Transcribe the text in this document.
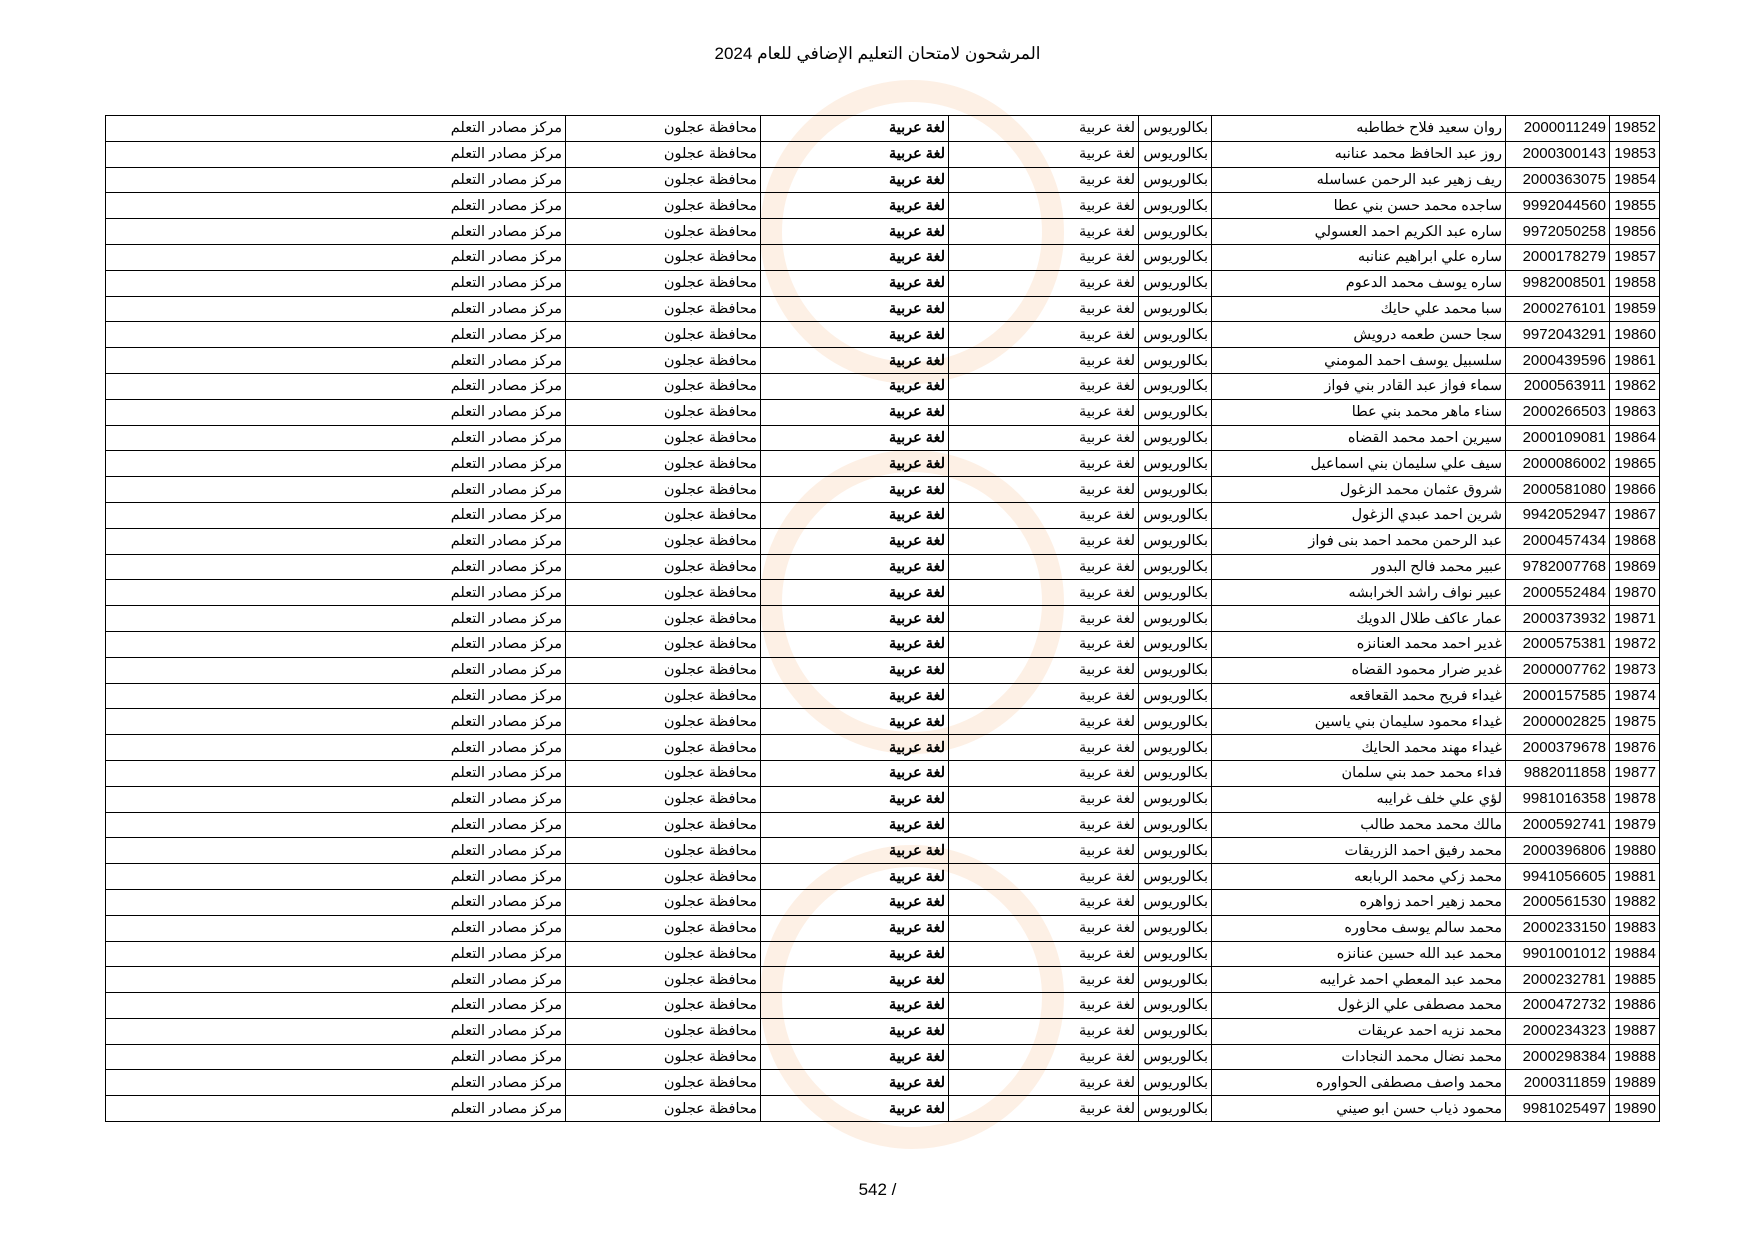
المرشحون لامتحان التعليم الإضافي للعام 2024
19852	2000011249	روان سعيد فلاح خطاطبه	بكالوريوس	لغة عربية	لغة عربية	محافظة عجلون	مركز مصادر التعلم
19853	2000300143	روز عبد الحافظ محمد عنانبه	بكالوريوس	لغة عربية	لغة عربية	محافظة عجلون	مركز مصادر التعلم
19854	2000363075	ريف زهير عبد الرحمن عساسله	بكالوريوس	لغة عربية	لغة عربية	محافظة عجلون	مركز مصادر التعلم
19855	9992044560	ساجده محمد حسن بني عطا	بكالوريوس	لغة عربية	لغة عربية	محافظة عجلون	مركز مصادر التعلم
19856	9972050258	ساره عبد الكريم احمد العسولي	بكالوريوس	لغة عربية	لغة عربية	محافظة عجلون	مركز مصادر التعلم
19857	2000178279	ساره علي ابراهيم عنانبه	بكالوريوس	لغة عربية	لغة عربية	محافظة عجلون	مركز مصادر التعلم
19858	9982008501	ساره يوسف محمد الدعوم	بكالوريوس	لغة عربية	لغة عربية	محافظة عجلون	مركز مصادر التعلم
19859	2000276101	سبا محمد علي حايك	بكالوريوس	لغة عربية	لغة عربية	محافظة عجلون	مركز مصادر التعلم
19860	9972043291	سجا حسن طعمه درويش	بكالوريوس	لغة عربية	لغة عربية	محافظة عجلون	مركز مصادر التعلم
19861	2000439596	سلسبيل يوسف احمد المومني	بكالوريوس	لغة عربية	لغة عربية	محافظة عجلون	مركز مصادر التعلم
19862	2000563911	سماء فواز عبد القادر بني فواز	بكالوريوس	لغة عربية	لغة عربية	محافظة عجلون	مركز مصادر التعلم
19863	2000266503	سناء ماهر محمد بني عطا	بكالوريوس	لغة عربية	لغة عربية	محافظة عجلون	مركز مصادر التعلم
19864	2000109081	سيرين احمد محمد القضاه	بكالوريوس	لغة عربية	لغة عربية	محافظة عجلون	مركز مصادر التعلم
19865	2000086002	سيف علي سليمان بني اسماعيل	بكالوريوس	لغة عربية	لغة عربية	محافظة عجلون	مركز مصادر التعلم
19866	2000581080	شروق عثمان محمد الزغول	بكالوريوس	لغة عربية	لغة عربية	محافظة عجلون	مركز مصادر التعلم
19867	9942052947	شرين احمد عبدي الزغول	بكالوريوس	لغة عربية	لغة عربية	محافظة عجلون	مركز مصادر التعلم
19868	2000457434	عبد الرحمن محمد احمد بنى فواز	بكالوريوس	لغة عربية	لغة عربية	محافظة عجلون	مركز مصادر التعلم
19869	9782007768	عبير محمد فالح البدور	بكالوريوس	لغة عربية	لغة عربية	محافظة عجلون	مركز مصادر التعلم
19870	2000552484	عبير نواف راشد الخرابشه	بكالوريوس	لغة عربية	لغة عربية	محافظة عجلون	مركز مصادر التعلم
19871	2000373932	عمار عاكف طلال الدويك	بكالوريوس	لغة عربية	لغة عربية	محافظة عجلون	مركز مصادر التعلم
19872	2000575381	غدير احمد محمد العنانزه	بكالوريوس	لغة عربية	لغة عربية	محافظة عجلون	مركز مصادر التعلم
19873	2000007762	غدير ضرار محمود القضاه	بكالوريوس	لغة عربية	لغة عربية	محافظة عجلون	مركز مصادر التعلم
19874	2000157585	غيداء فريح محمد القعاقعه	بكالوريوس	لغة عربية	لغة عربية	محافظة عجلون	مركز مصادر التعلم
19875	2000002825	غيداء محمود سليمان بني ياسين	بكالوريوس	لغة عربية	لغة عربية	محافظة عجلون	مركز مصادر التعلم
19876	2000379678	غيداء مهند محمد الحايك	بكالوريوس	لغة عربية	لغة عربية	محافظة عجلون	مركز مصادر التعلم
19877	9882011858	فداء محمد حمد بني سلمان	بكالوريوس	لغة عربية	لغة عربية	محافظة عجلون	مركز مصادر التعلم
19878	9981016358	لؤي علي خلف غرايبه	بكالوريوس	لغة عربية	لغة عربية	محافظة عجلون	مركز مصادر التعلم
19879	2000592741	مالك محمد محمد طالب	بكالوريوس	لغة عربية	لغة عربية	محافظة عجلون	مركز مصادر التعلم
19880	2000396806	محمد رفيق احمد الزريقات	بكالوريوس	لغة عربية	لغة عربية	محافظة عجلون	مركز مصادر التعلم
19881	9941056605	محمد زكي محمد الربابعه	بكالوريوس	لغة عربية	لغة عربية	محافظة عجلون	مركز مصادر التعلم
19882	2000561530	محمد زهير احمد زواهره	بكالوريوس	لغة عربية	لغة عربية	محافظة عجلون	مركز مصادر التعلم
19883	2000233150	محمد سالم يوسف محاوره	بكالوريوس	لغة عربية	لغة عربية	محافظة عجلون	مركز مصادر التعلم
19884	9901001012	محمد عبد الله حسين عنانزه	بكالوريوس	لغة عربية	لغة عربية	محافظة عجلون	مركز مصادر التعلم
19885	2000232781	محمد عبد المعطي احمد غرايبه	بكالوريوس	لغة عربية	لغة عربية	محافظة عجلون	مركز مصادر التعلم
19886	2000472732	محمد مصطفى علي الزغول	بكالوريوس	لغة عربية	لغة عربية	محافظة عجلون	مركز مصادر التعلم
19887	2000234323	محمد نزيه احمد عريقات	بكالوريوس	لغة عربية	لغة عربية	محافظة عجلون	مركز مصادر التعلم
19888	2000298384	محمد نضال محمد النجادات	بكالوريوس	لغة عربية	لغة عربية	محافظة عجلون	مركز مصادر التعلم
19889	2000311859	محمد واصف مصطفى الحواوره	بكالوريوس	لغة عربية	لغة عربية	محافظة عجلون	مركز مصادر التعلم
19890	9981025497	محمود ذياب حسن ابو صيني	بكالوريوس	لغة عربية	لغة عربية	محافظة عجلون	مركز مصادر التعلم
542 /
